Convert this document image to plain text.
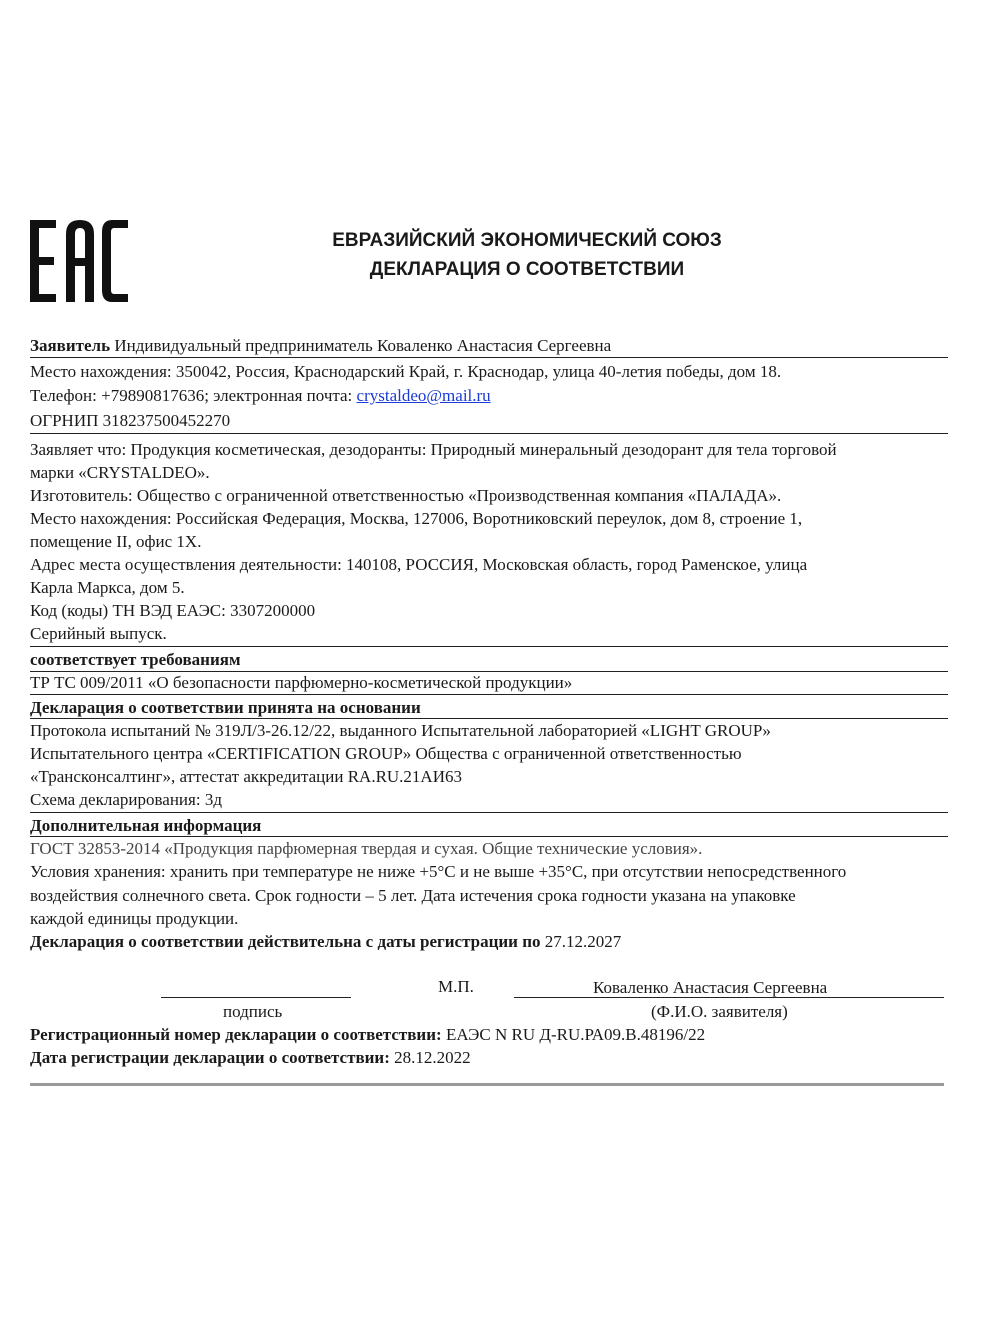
ЕВРАЗИЙСКИЙ ЭКОНОМИЧЕСКИЙ СОЮЗ
ДЕКЛАРАЦИЯ О СООТВЕТСТВИИ
Заявитель Индивидуальный предприниматель Коваленко Анастасия Сергеевна
Место нахождения: 350042, Россия, Краснодарский Край, г. Краснодар, улица 40-летия победы, дом 18.
Телефон: +79890817636; электронная почта: crystaldeo@mail.ru
ОГРНИП 318237500452270
Заявляет что: Продукция косметическая, дезодоранты: Природный минеральный дезодорант для тела торговой
марки «CRYSTALDEO».
Изготовитель: Общество с ограниченной ответственностью «Производственная компания «ПАЛАДА».
Место нахождения: Российская Федерация, Москва, 127006, Воротниковский переулок, дом 8, строение 1,
помещение II, офис 1Х.
Адрес места осуществления деятельности: 140108, РОССИЯ, Московская область, город Раменское, улица
Карла Маркса, дом 5.
Код (коды) ТН ВЭД ЕАЭС: 3307200000
Серийный выпуск.
соответствует требованиям
ТР ТС 009/2011 «О безопасности парфюмерно-косметической продукции»
Декларация о соответствии принята на основании
Протокола испытаний № 319Л/3-26.12/22, выданного Испытательной лабораторией «LIGHT GROUP»
Испытательного центра «CERTIFICATION GROUP» Общества с ограниченной ответственностью
«Трансконсалтинг», аттестат аккредитации RA.RU.21АИ63
Схема декларирования: 3д
Дополнительная информация
ГОСТ 32853-2014 «Продукция парфюмерная твердая и сухая. Общие технические условия».
Условия хранения: хранить при температуре не ниже +5°С и не выше +35°С, при отсутствии непосредственного
воздействия солнечного света. Срок годности – 5 лет. Дата истечения срока годности указана на упаковке
каждой единицы продукции.
Декларация о соответствии действительна с даты регистрации по 27.12.2027
М.П.	Коваленко Анастасия Сергеевна
подпись	(Ф.И.О. заявителя)
Регистрационный номер декларации о соответствии: ЕАЭС N RU Д-RU.РА09.В.48196/22
Дата регистрации декларации о соответствии: 28.12.2022
